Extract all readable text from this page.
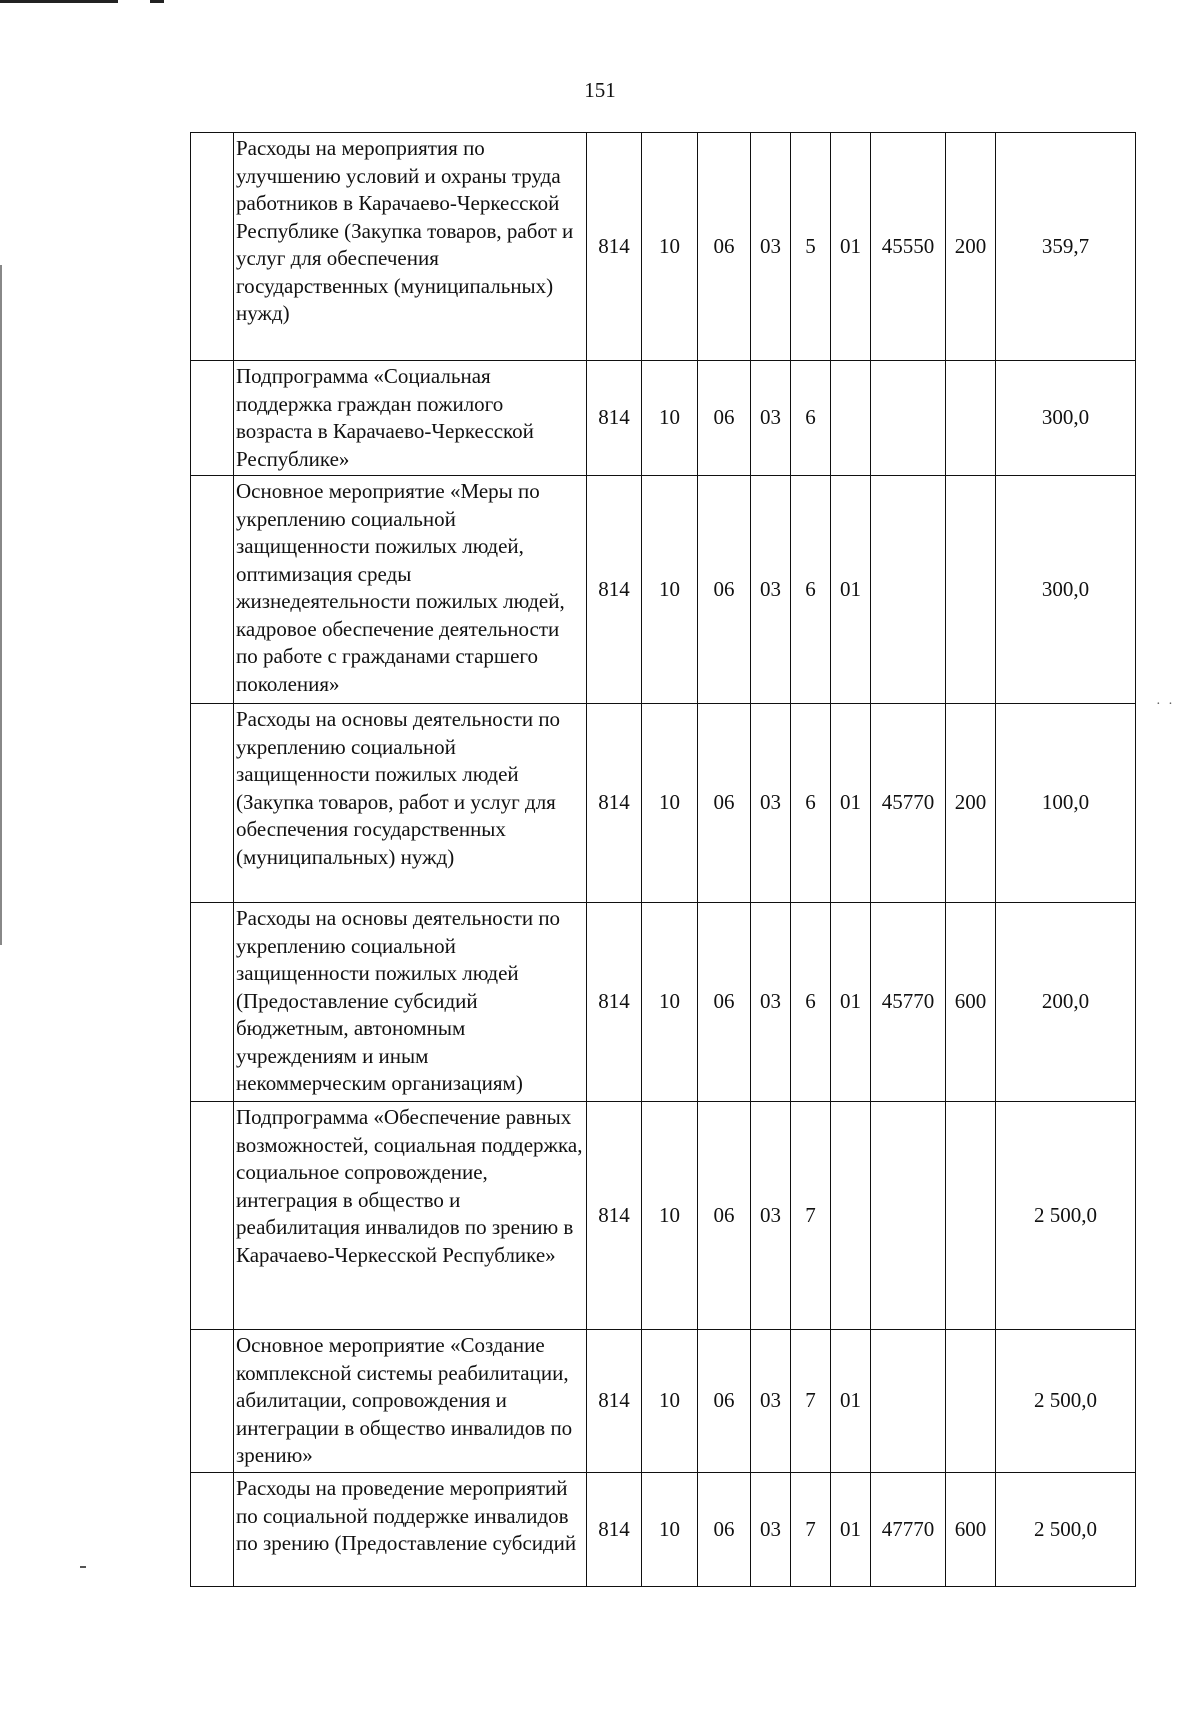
· ·
151
	Расходы на мероприятия по улучшению условий и охраны труда работников в Карачаево-Черкесской Республике (Закупка товаров, работ и услуг для обеспечения государственных (муниципальных) нужд)	814	10	06	03	5	01	45550	200	359,7
	Подпрограмма «Социальная поддержка граждан пожилого возраста в Карачаево-Черкесской Республике»	814	10	06	03	6				300,0
	Основное мероприятие «Меры по укреплению социальной защищенности пожилых людей, оптимизация среды жизнедеятельности пожилых людей, кадровое обеспечение деятельности по работе с гражданами старшего поколения»	814	10	06	03	6	01			300,0
	Расходы на основы деятельности по укреплению социальной защищенности пожилых людей (Закупка товаров, работ и услуг для обеспечения государственных (муниципальных) нужд)	814	10	06	03	6	01	45770	200	100,0
	Расходы на основы деятельности по укреплению социальной защищенности пожилых людей (Предоставление субсидий бюджетным, автономным учреждениям и иным некоммерческим организациям)	814	10	06	03	6	01	45770	600	200,0
	Подпрограмма «Обеспечение равных возможностей, социальная поддержка, социальное сопровождение, интеграция в общество и реабилитация инвалидов по зрению в Карачаево-Черкесской Республике»	814	10	06	03	7				2 500,0
	Основное мероприятие «Создание комплексной системы реабилитации, абилитации, сопровождения и интеграции в общество инвалидов по зрению»	814	10	06	03	7	01			2 500,0
	Расходы на проведение мероприятий по социальной поддержке инвалидов по зрению (Предоставление субсидий	814	10	06	03	7	01	47770	600	2 500,0
